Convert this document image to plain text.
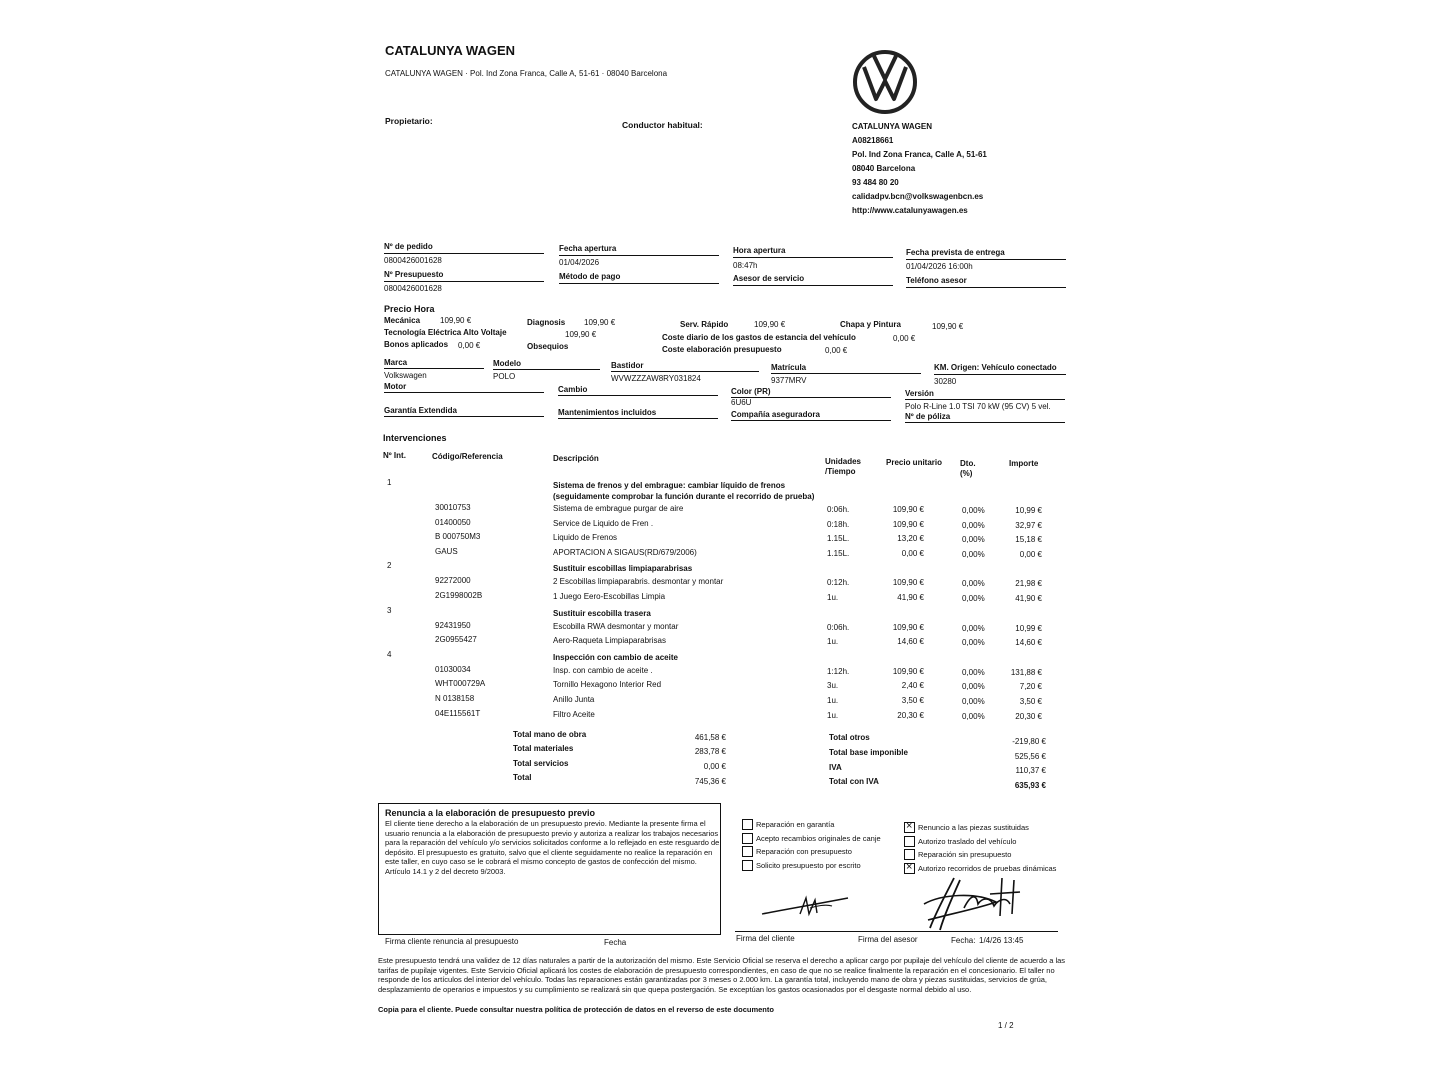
CATALUNYA WAGEN
CATALUNYA WAGEN · Pol. Ind Zona Franca, Calle A, 51-61 · 08040 Barcelona
Propietario:	Conductor habitual:	CATALUNYA WAGEN
A08218661
Pol. Ind Zona Franca, Calle A, 51-61
08040 Barcelona
93 484 80 20
calidadpv.bcn@volkswagenbcn.es
http://www.catalunyawagen.es
Nº de pedido
0800426001628
Fecha apertura
01/04/2026
Hora apertura
08:47h
Fecha prevista de entrega
01/04/2026 16:00h
Nº Presupuesto
0800426001628
Método de pago	Asesor de servicio	Teléfono asesor
Precio Hora
Mecánica 109,90 €	Diagnosis 109,90 €	Serv. Rápido	109,90 €	Chapa y Pintura	109,90 €
Tecnología Eléctrica Alto Voltaje	109,90 €	Coste diario de los gastos de estancia del vehículo	0,00 €
Bonos aplicados 0,00 €	Obsequios	Coste elaboración presupuesto	0,00 €
Marca
Volkswagen
Modelo
POLO
Bastidor
WVWZZZAW8RY031824
Matrícula
9377MRV
KM. Origen: Vehículo conectado
30280
Motor	Cambio	Color (PR)
6U6U
Versión
Polo R-Line 1.0 TSI 70 kW (95 CV) 5 vel.
Garantía Extendida	Mantenimientos incluidos	Compañía aseguradora	Nº de póliza
Intervenciones
Nº Int.	Código/Referencia	Descripción	Unidades
/Tiempo
Precio unitario Dto.
(%)
Importe
1	Sistema de frenos y del embrague: cambiar líquido de frenos
(seguidamente comprobar la función durante el recorrido de prueba)
30010753	Sistema de embrague purgar de aire	0:06h.	109,90 €	0,00%	10,99 €
01400050	Service de Liquido de Fren .	0:18h.	109,90 €	0,00%	32,97 €
B 000750M3	Liquido de Frenos	1.15L.	13,20 €	0,00%	15,18 €
GAUS	APORTACION A SIGAUS(RD/679/2006)	1.15L.	0,00 €	0,00%	0,00 €
2	Sustituir escobillas limpiaparabrisas
92272000	2 Escobillas limpiaparabris. desmontar y montar	0:12h.	109,90 €	0,00%	21,98 €
2G1998002B	1 Juego Eero-Escobillas Limpia	1u.	41,90 €	0,00%	41,90 €
3	Sustituir escobilla trasera
92431950	Escobilla RWA desmontar y montar	0:06h.	109,90 €	0,00%	10,99 €
2G0955427	Aero-Raqueta Limpiaparabrisas	1u.	14,60 €	0,00%	14,60 €
4	Inspección con cambio de aceite
01030034	Insp. con cambio de aceite .	1:12h.	109,90 €	0,00%	131,88 €
WHT000729A	Tornillo Hexagono Interior Red	3u.	2,40 €	0,00%	7,20 €
N 0138158	Anillo Junta	1u.	3,50 €	0,00%	3,50 €
04E115561T	Filtro Aceite	1u.	20,30 €	0,00%	20,30 €
Total mano de obra	461,58 €
Total materiales	283,78 €
Total servicios	0,00 €
Total	745,36 €
Total otros	-219,80 €
Total base imponible	525,56 €
IVA	110,37 €
Total con IVA	635,93 €
Renuncia a la elaboración de presupuesto previo
El cliente tiene derecho a la elaboración de un presupuesto previo. Mediante la presente firma el
usuario renuncia a la elaboración de presupuesto previo y autoriza a realizar los trabajos necesarios
para la reparación del vehículo y/o servicios solicitados conforme a lo reflejado en este resguardo de
depósito. El presupuesto es gratuito, salvo que el cliente seguidamente no realice la reparación en
este taller, en cuyo caso se le cobrará el mismo concepto de gastos de confección del mismo.
Artículo 14.1 y 2 del decreto 9/2003.
Firma cliente renuncia al presupuesto	Fecha
Reparación en garantía
Acepto recambios originales de canje
Reparación con presupuesto
Solicito presupuesto por escrito
×
Renuncio a las piezas sustituidas
Autorizo traslado del vehículo
Reparación sin presupuesto
×
Autorizo recorridos de pruebas dinámicas
Firma del cliente	Firma del asesor	Fecha: 1/4/26 13:45
Este presupuesto tendrá una validez de 12 días naturales a partir de la autorización del mismo. Este Servicio Oficial se reserva el derecho a aplicar cargo por pupilaje del vehículo del cliente de acuerdo a las
tarifas de pupilaje vigentes. Este Servicio Oficial aplicará los costes de elaboración de presupuesto correspondientes, en caso de que no se realice finalmente la reparación en el concesionario. El taller no
responde de los artículos del interior del vehículo. Todas las reparaciones están garantizadas por 3 meses o 2.000 km. La garantía total, incluyendo mano de obra y piezas sustituidas, servicios de grúa,
desplazamiento de operarios e impuestos y su cumplimiento se realizará sin que quepa postergación. Se exceptúan los gastos ocasionados por el desgaste normal debido al uso.
Copia para el cliente. Puede consultar nuestra política de protección de datos en el reverso de este documento
1 / 2
